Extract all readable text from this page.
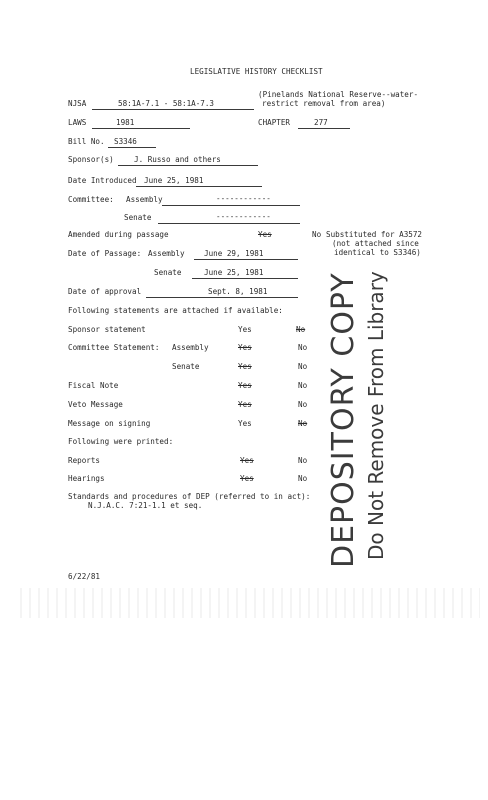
LEGISLATIVE HISTORY CHECKLIST
NJSA	58:1A-7.1 - 58:1A-7.3
(Pinelands National Reserve--water-
restrict removal from area)
LAWS	1981	CHAPTER	277
Bill No. S3346
Sponsor(s)	J. Russo and others
Date Introduced June 25, 1981
Committee: Assembly	------------
Senate	------------
Amended during passage	Yes	No Substituted for A3572
(not attached since
identical to S3346)
Date of Passage: Assembly	June 29, 1981
Senate	June 25, 1981
Date of approval	Sept. 8, 1981
Following statements are attached if available:
Sponsor statement	Yes	No
Committee Statement: Assembly	Yes	No
Senate	Yes	No
Fiscal Note	Yes	No
Veto Message	Yes	No
Message on signing	Yes	No
Following were printed:
Reports	Yes	No
Hearings	Yes	No
Standards and procedures of DEP (referred to in act):
N.J.A.C. 7:21-1.1 et seq.
6/22/81
DEPOSITORY COPY Do Not Remove From Library
